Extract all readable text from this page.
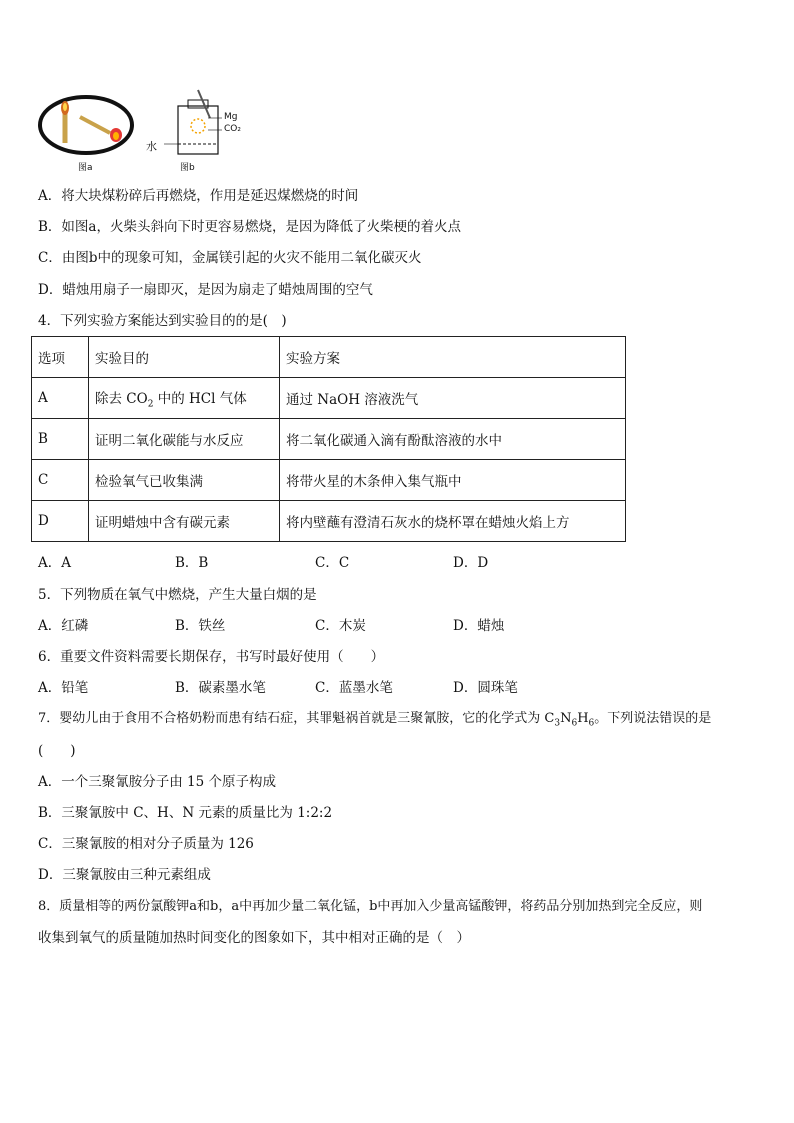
图a
Mg
CO₂
水
图b
A．将大块煤粉碎后再燃烧，作用是延迟煤燃烧的时间
B．如图a，火柴头斜向下时更容易燃烧，是因为降低了火柴梗的着火点
C．由图b中的现象可知，金属镁引起的火灾不能用二氧化碳灭火
D．蜡烛用扇子一扇即灭，是因为扇走了蜡烛周围的空气
4．下列实验方案能达到实验目的的是(　)
选项	实验目的	实验方案
A	除去 $CO_2$ 中的 HCl 气体	通过 NaOH 溶液洗气
B	证明二氧化碳能与水反应	将二氧化碳通入滴有酚酞溶液的水中
C	检验氧气已收集满	将带火星的木条伸入集气瓶中
D	证明蜡烛中含有碳元素	将内壁蘸有澄清石灰水的烧杯罩在蜡烛火焰上方
A．A	B．B	C．C	D．D
5．下列物质在氧气中燃烧，产生大量白烟的是
A．红磷	B．铁丝	C．木炭	D．蜡烛
6．重要文件资料需要长期保存，书写时最好使用（　　）
A．铅笔	B．碳素墨水笔	C．蓝墨水笔	D．圆珠笔
7．婴幼儿由于食用不合格奶粉而患有结石症，其罪魁祸首就是三聚氰胺，它的化学式为 $C_3N_6H_6$。下列说法错误的是
(　　)
A．一个三聚氰胺分子由 15 个原子构成
B．三聚氰胺中 C、H、N 元素的质量比为 1:2:2
C．三聚氰胺的相对分子质量为 126
D．三聚氰胺由三种元素组成
8．质量相等的两份氯酸钾a和b，a中再加少量二氧化锰，b中再加入少量高锰酸钾，将药品分别加热到完全反应，则
收集到氧气的质量随加热时间变化的图象如下，其中相对正确的是（　）
